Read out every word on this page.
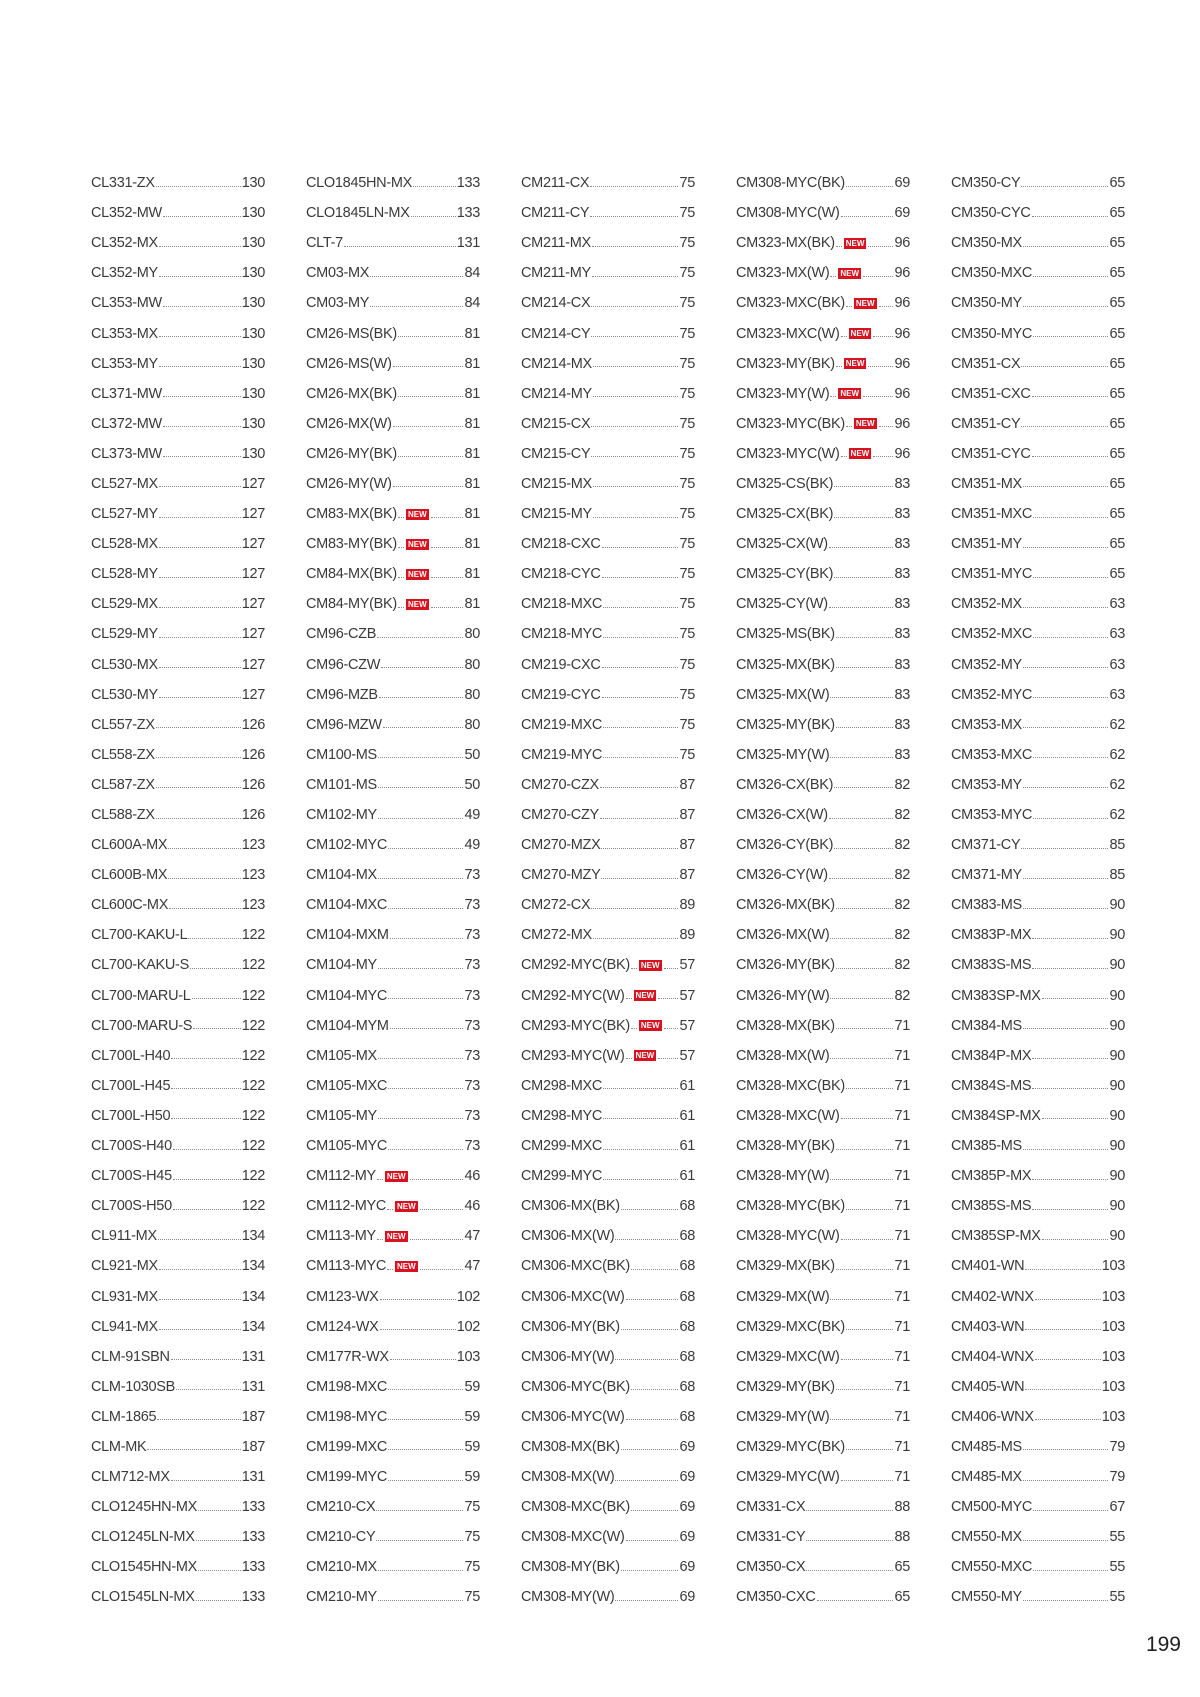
CL331-ZX	130
CL352-MW	130
CL352-MX	130
CL352-MY	130
CL353-MW	130
CL353-MX	130
CL353-MY	130
CL371-MW	130
CL372-MW	130
CL373-MW	130
CL527-MX	127
CL527-MY	127
CL528-MX	127
CL528-MY	127
CL529-MX	127
CL529-MY	127
CL530-MX	127
CL530-MY	127
CL557-ZX	126
CL558-ZX	126
CL587-ZX	126
CL588-ZX	126
CL600A-MX	123
CL600B-MX	123
CL600C-MX	123
CL700-KAKU-L	122
CL700-KAKU-S	122
CL700-MARU-L	122
CL700-MARU-S	122
CL700L-H40	122
CL700L-H45	122
CL700L-H50	122
CL700S-H40	122
CL700S-H45	122
CL700S-H50	122
CL911-MX	134
CL921-MX	134
CL931-MX	134
CL941-MX	134
CLM-91SBN	131
CLM-1030SB	131
CLM-1865	187
CLM-MK	187
CLM712-MX	131
CLO1245HN-MX	133
CLO1245LN-MX	133
CLO1545HN-MX	133
CLO1545LN-MX	133
CLO1845HN-MX	133
CLO1845LN-MX	133
CLT-7	131
CM03-MX	84
CM03-MY	84
CM26-MS(BK)	81
CM26-MS(W)	81
CM26-MX(BK)	81
CM26-MX(W)	81
CM26-MY(BK)	81
CM26-MY(W)	81
CM83-MX(BK) NEW	81
CM83-MY(BK) NEW	81
CM84-MX(BK) NEW	81
CM84-MY(BK) NEW	81
CM96-CZB	80
CM96-CZW	80
CM96-MZB	80
CM96-MZW	80
CM100-MS	50
CM101-MS	50
CM102-MY	49
CM102-MYC	49
CM104-MX	73
CM104-MXC	73
CM104-MXM	73
CM104-MY	73
CM104-MYC	73
CM104-MYM	73
CM105-MX	73
CM105-MXC	73
CM105-MY	73
CM105-MYC	73
CM112-MY NEW	46
CM112-MYC NEW	46
CM113-MY NEW	47
CM113-MYC NEW	47
CM123-WX	102
CM124-WX	102
CM177R-WX	103
CM198-MXC	59
CM198-MYC	59
CM199-MXC	59
CM199-MYC	59
CM210-CX	75
CM210-CY	75
CM210-MX	75
CM210-MY	75
CM211-CX	75
CM211-CY	75
CM211-MX	75
CM211-MY	75
CM214-CX	75
CM214-CY	75
CM214-MX	75
CM214-MY	75
CM215-CX	75
CM215-CY	75
CM215-MX	75
CM215-MY	75
CM218-CXC	75
CM218-CYC	75
CM218-MXC	75
CM218-MYC	75
CM219-CXC	75
CM219-CYC	75
CM219-MXC	75
CM219-MYC	75
CM270-CZX	87
CM270-CZY	87
CM270-MZX	87
CM270-MZY	87
CM272-CX	89
CM272-MX	89
CM292-MYC(BK) NEW 57
CM292-MYC(W) NEW 57
CM293-MYC(BK) NEW 57
CM293-MYC(W) NEW 57
CM298-MXC	61
CM298-MYC	61
CM299-MXC	61
CM299-MYC	61
CM306-MX(BK)	68
CM306-MX(W)	68
CM306-MXC(BK)	68
CM306-MXC(W)	68
CM306-MY(BK)	68
CM306-MY(W)	68
CM306-MYC(BK)	68
CM306-MYC(W)	68
CM308-MX(BK)	69
CM308-MX(W)	69
CM308-MXC(BK)	69
CM308-MXC(W)	69
CM308-MY(BK)	69
CM308-MY(W)	69
CM308-MYC(BK)	69
CM308-MYC(W)	69
CM323-MX(BK) NEW 96
CM323-MX(W) NEW 96
CM323-MXC(BK) NEW 96
CM323-MXC(W) NEW 96
CM323-MY(BK) NEW 96
CM323-MY(W) NEW 96
CM323-MYC(BK) NEW 96
CM323-MYC(W) NEW 96
CM325-CS(BK)	83
CM325-CX(BK)	83
CM325-CX(W)	83
CM325-CY(BK)	83
CM325-CY(W)	83
CM325-MS(BK)	83
CM325-MX(BK)	83
CM325-MX(W)	83
CM325-MY(BK)	83
CM325-MY(W)	83
CM326-CX(BK)	82
CM326-CX(W)	82
CM326-CY(BK)	82
CM326-CY(W)	82
CM326-MX(BK)	82
CM326-MX(W)	82
CM326-MY(BK)	82
CM326-MY(W)	82
CM328-MX(BK)	71
CM328-MX(W)	71
CM328-MXC(BK)	71
CM328-MXC(W)	71
CM328-MY(BK)	71
CM328-MY(W)	71
CM328-MYC(BK)	71
CM328-MYC(W)	71
CM329-MX(BK)	71
CM329-MX(W)	71
CM329-MXC(BK)	71
CM329-MXC(W)	71
CM329-MY(BK)	71
CM329-MY(W)	71
CM329-MYC(BK)	71
CM329-MYC(W)	71
CM331-CX	88
CM331-CY	88
CM350-CX	65
CM350-CXC	65
CM350-CY	65
CM350-CYC	65
CM350-MX	65
CM350-MXC	65
CM350-MY	65
CM350-MYC	65
CM351-CX	65
CM351-CXC	65
CM351-CY	65
CM351-CYC	65
CM351-MX	65
CM351-MXC	65
CM351-MY	65
CM351-MYC	65
CM352-MX	63
CM352-MXC	63
CM352-MY	63
CM352-MYC	63
CM353-MX	62
CM353-MXC	62
CM353-MY	62
CM353-MYC	62
CM371-CY	85
CM371-MY	85
CM383-MS	90
CM383P-MX	90
CM383S-MS	90
CM383SP-MX	90
CM384-MS	90
CM384P-MX	90
CM384S-MS	90
CM384SP-MX	90
CM385-MS	90
CM385P-MX	90
CM385S-MS	90
CM385SP-MX	90
CM401-WN	103
CM402-WNX	103
CM403-WN	103
CM404-WNX	103
CM405-WN	103
CM406-WNX	103
CM485-MS	79
CM485-MX	79
CM500-MYC	67
CM550-MX	55
CM550-MXC	55
CM550-MY	55
199
